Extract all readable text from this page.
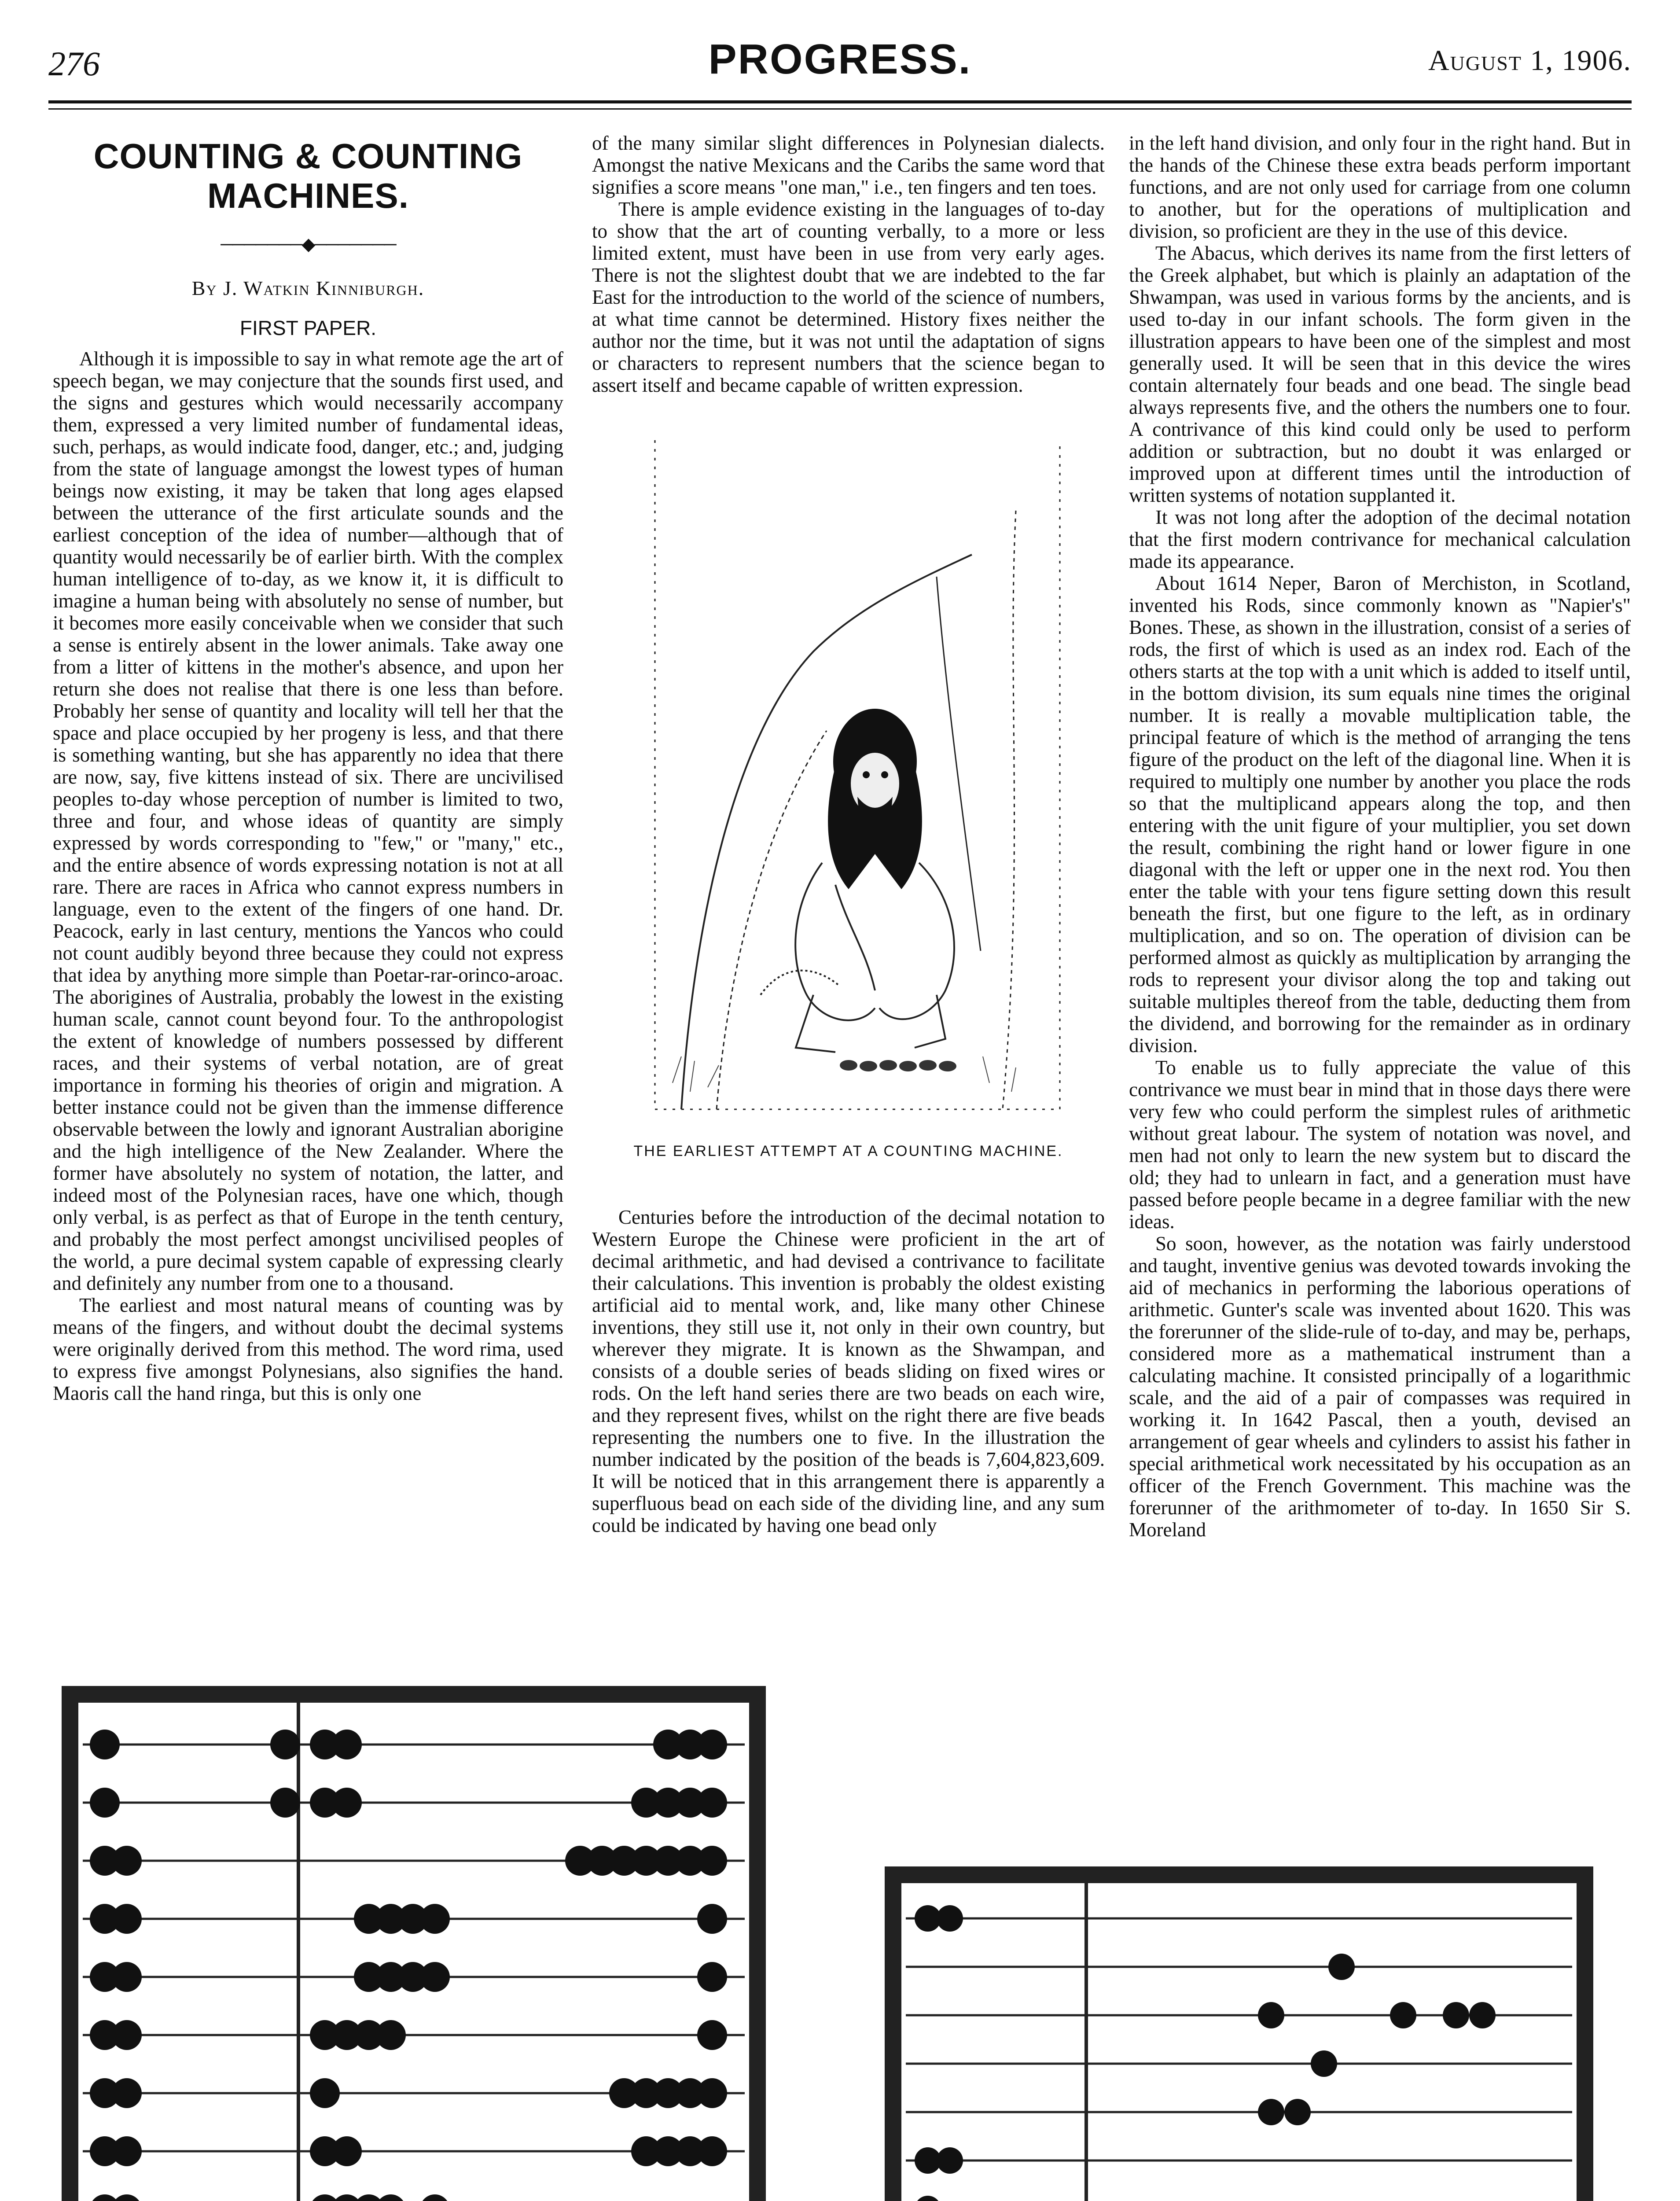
276	PROGRESS.	August 1, 1906.
COUNTING & COUNTING MACHINES.
───────◆───────
By J. Watkin Kinniburgh.
FIRST PAPER.

Although it is impossible to say in what remote age the art of speech began, we may conjecture that the sounds first used, and the signs and gestures which would necessarily accompany them, expressed a very limited number of fundamental ideas, such, perhaps, as would indicate food, danger, etc.; and, judging from the state of language amongst the lowest types of human beings now existing, it may be taken that long ages elapsed between the utterance of the first articulate sounds and the earliest conception of the idea of number—although that of quantity would necessarily be of earlier birth. With the complex human intelligence of to-day, as we know it, it is difficult to imagine a human being with absolutely no sense of number, but it becomes more easily conceivable when we consider that such a sense is entirely absent in the lower animals. Take away one from a litter of kittens in the mother's absence, and upon her return she does not realise that there is one less than before. Probably her sense of quantity and locality will tell her that the space and place occupied by her progeny is less, and that there is something wanting, but she has apparently no idea that there are now, say, five kittens instead of six. There are uncivilised peoples to-day whose perception of number is limited to two, three and four, and whose ideas of quantity are simply expressed by words corresponding to "few," or "many," etc., and the entire absence of words expressing notation is not at all rare. There are races in Africa who cannot express numbers in language, even to the extent of the fingers of one hand. Dr. Peacock, early in last century, mentions the Yancos who could not count audibly beyond three because they could not express that idea by anything more simple than Poetar-rar-orinco-aroac. The aborigines of Australia, probably the lowest in the existing human scale, cannot count beyond four. To the anthropologist the extent of knowledge of numbers possessed by different races, and their systems of verbal notation, are of great importance in forming his theories of origin and migration. A better instance could not be given than the immense difference observable between the lowly and ignorant Australian aborigine and the high intelligence of the New Zealander. Where the former have absolutely no system of notation, the latter, and indeed most of the Polynesian races, have one which, though only verbal, is as perfect as that of Europe in the tenth century, and probably the most perfect amongst uncivilised peoples of the world, a pure decimal system capable of expressing clearly and definitely any number from one to a thousand.

The earliest and most natural means of counting was by means of the fingers, and without doubt the decimal systems were originally derived from this method. The word rima, used to express five amongst Polynesians, also signifies the hand. Maoris call the hand ringa, but this is only one

of the many similar slight differences in Polynesian dialects. Amongst the native Mexicans and the Caribs the same word that signifies a score means "one man," i.e., ten fingers and ten toes.

There is ample evidence existing in the languages of to-day to show that the art of counting verbally, to a more or less limited extent, must have been in use from very early ages. There is not the slightest doubt that we are indebted to the far East for the introduction to the world of the science of numbers, at what time cannot be determined. History fixes neither the author nor the time, but it was not until the adaptation of signs or characters to represent numbers that the science began to assert itself and became capable of written expression.

THE EARLIEST ATTEMPT AT A COUNTING MACHINE.

Centuries before the introduction of the decimal notation to Western Europe the Chinese were proficient in the art of decimal arithmetic, and had devised a contrivance to facilitate their calculations. This invention is probably the oldest existing artificial aid to mental work, and, like many other Chinese inventions, they still use it, not only in their own country, but wherever they migrate. It is known as the Shwampan, and consists of a double series of beads sliding on fixed wires or rods. On the left hand series there are two beads on each wire, and they represent fives, whilst on the right there are five beads representing the numbers one to five. In the illustration the number indicated by the position of the beads is 7,604,823,609. It will be noticed that in this arrangement there is apparently a superfluous bead on each side of the dividing line, and any sum could be indicated by having one bead only

in the left hand division, and only four in the right hand. But in the hands of the Chinese these extra beads perform important functions, and are not only used for carriage from one column to another, but for the operations of multiplication and division, so proficient are they in the use of this device.

The Abacus, which derives its name from the first letters of the Greek alphabet, but which is plainly an adaptation of the Shwampan, was used in various forms by the ancients, and is used to-day in our infant schools. The form given in the illustration appears to have been one of the simplest and most generally used. It will be seen that in this device the wires contain alternately four beads and one bead. The single bead always represents five, and the others the numbers one to four. A contrivance of this kind could only be used to perform addition or subtraction, but no doubt it was enlarged or improved upon at different times until the introduction of written systems of notation supplanted it.

It was not long after the adoption of the decimal notation that the first modern contrivance for mechanical calculation made its appearance.

About 1614 Neper, Baron of Merchiston, in Scotland, invented his Rods, since commonly known as "Napier's" Bones. These, as shown in the illustration, consist of a series of rods, the first of which is used as an index rod. Each of the others starts at the top with a unit which is added to itself until, in the bottom division, its sum equals nine times the original number. It is really a movable multiplication table, the principal feature of which is the method of arranging the tens figure of the product on the left of the diagonal line. When it is required to multiply one number by another you place the rods so that the multiplicand appears along the top, and then entering with the unit figure of your multiplier, you set down the result, combining the right hand or lower figure in one diagonal with the left or upper one in the next rod. You then enter the table with your tens figure setting down this result beneath the first, but one figure to the left, as in ordinary multiplication, and so on. The operation of division can be performed almost as quickly as multiplication by arranging the rods to represent your divisor along the top and taking out suitable multiples thereof from the table, deducting them from the dividend, and borrowing for the remainder as in ordinary division.

To enable us to fully appreciate the value of this contrivance we must bear in mind that in those days there were very few who could perform the simplest rules of arithmetic without great labour. The system of notation was novel, and men had not only to learn the new system but to discard the old; they had to unlearn in fact, and a generation must have passed before people became in a degree familiar with the new ideas.

So soon, however, as the notation was fairly understood and taught, inventive genius was devoted towards invoking the aid of mechanics in performing the laborious operations of arithmetic. Gunter's scale was invented about 1620. This was the forerunner of the slide-rule of to-day, and may be, perhaps, considered more as a mathematical instrument than a calculating machine. It consisted principally of a logarithmic scale, and the aid of a pair of compasses was required in working it. In 1642 Pascal, then a youth, devised an arrangement of gear wheels and cylinders to assist his father in special arithmetical work necessitated by his occupation as an officer of the French Government. This machine was the forerunner of the arithmometer of to-day. In 1650 Sir S. Moreland
